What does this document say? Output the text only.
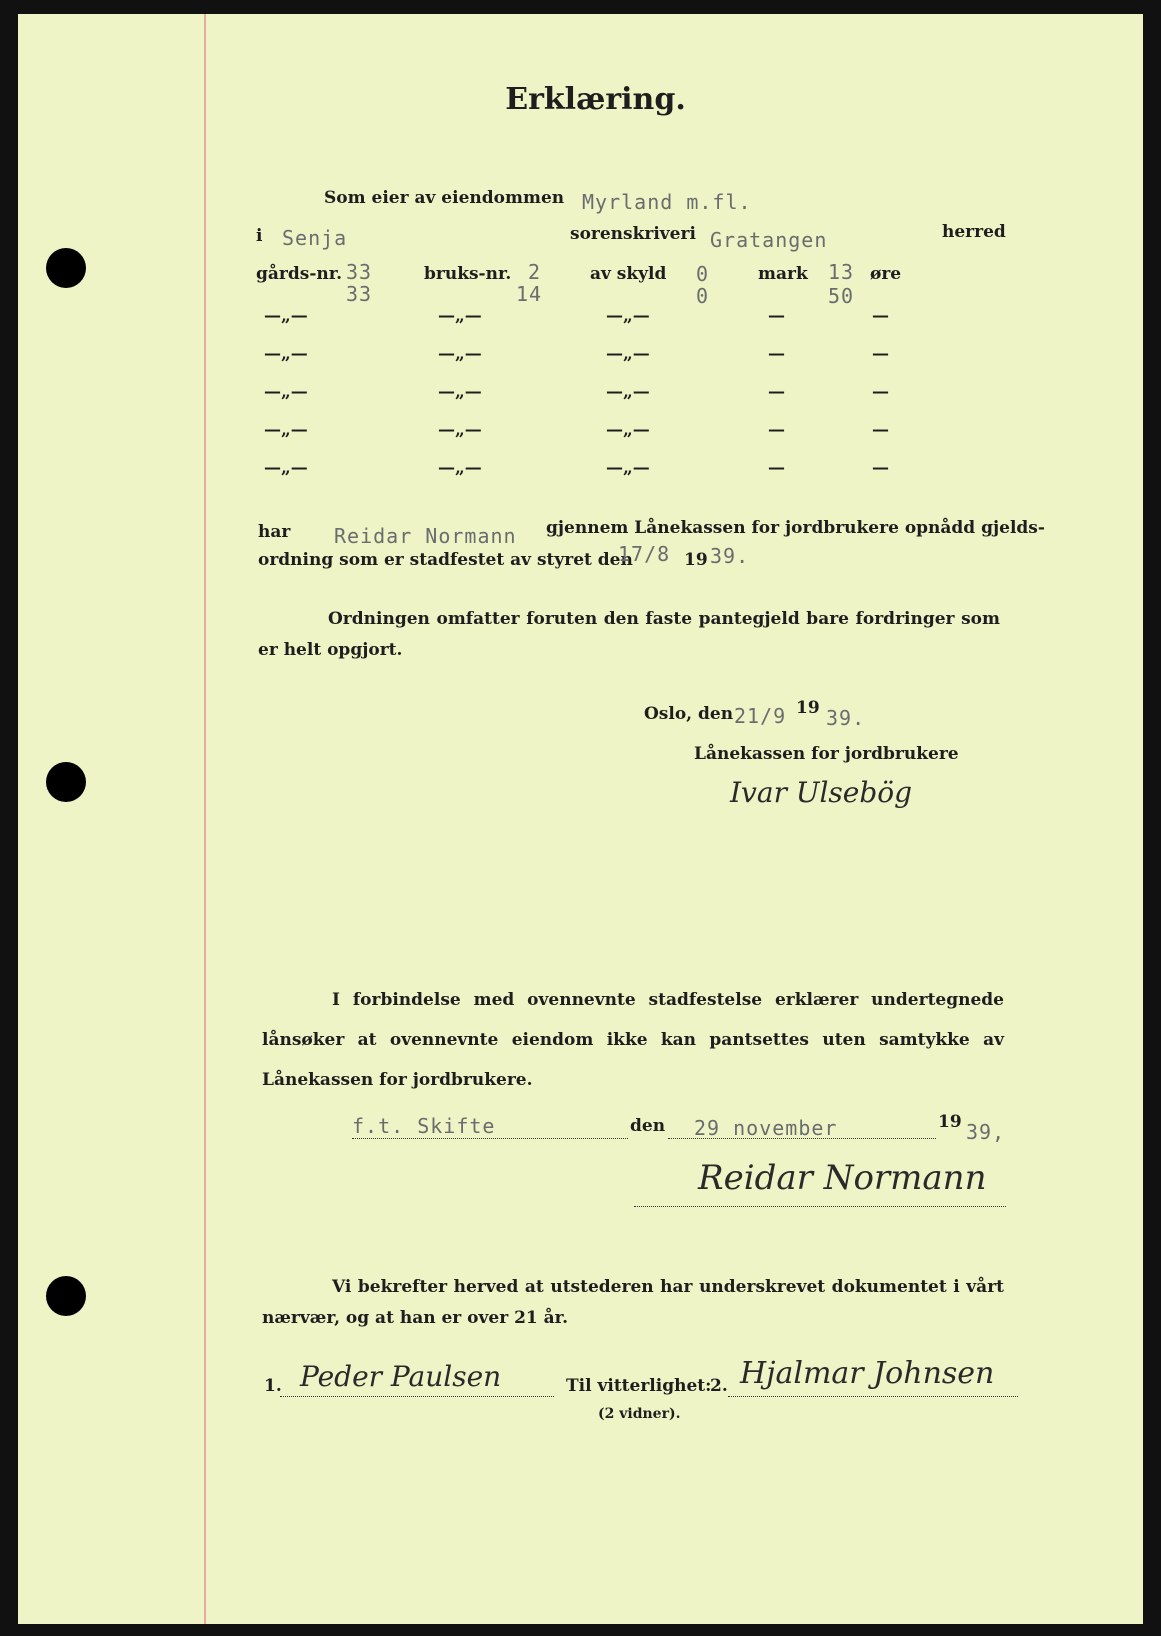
Erklæring.
Som eier av eiendommen Myrland m.fl.
i Senja	sorenskriveri Gratangen	herred
gårds-nr. 33	bruks-nr. 2	av skyld 0	mark 13 øre
33	14	0	50
—„—	—„—	—„—	—	—
—„—	—„—	—„—	—	—
—„—	—„—	—„—	—	—
—„—	—„—	—„—	—	—
—„—	—„—	—„—	—	—
har Reidar Normann gjennem Lånekassen for jordbrukere opnådd gjelds-
ordning som er stadfestet av styret den
17/8 19 39.
Ordningen omfatter foruten den faste pantegjeld bare fordringer som er helt opgjort.
Oslo, den 21/9 19 39.
Lånekassen for jordbrukere
Ivar Ulsebög
I forbindelse med ovennevnte stadfestelse erklærer undertegnede lånsøker at ovennevnte eiendom ikke kan pantsettes uten samtykke av Lånekassen for jordbrukere.
f.t. Skifte	den 29 november	19 39,
Reidar Normann
Vi bekrefter herved at utstederen har underskrevet dokumentet i vårt nærvær, og at han er over 21 år.
1. Peder Paulsen	Til vitterlighet:
2. Hjalmar Johnsen
(2 vidner).
